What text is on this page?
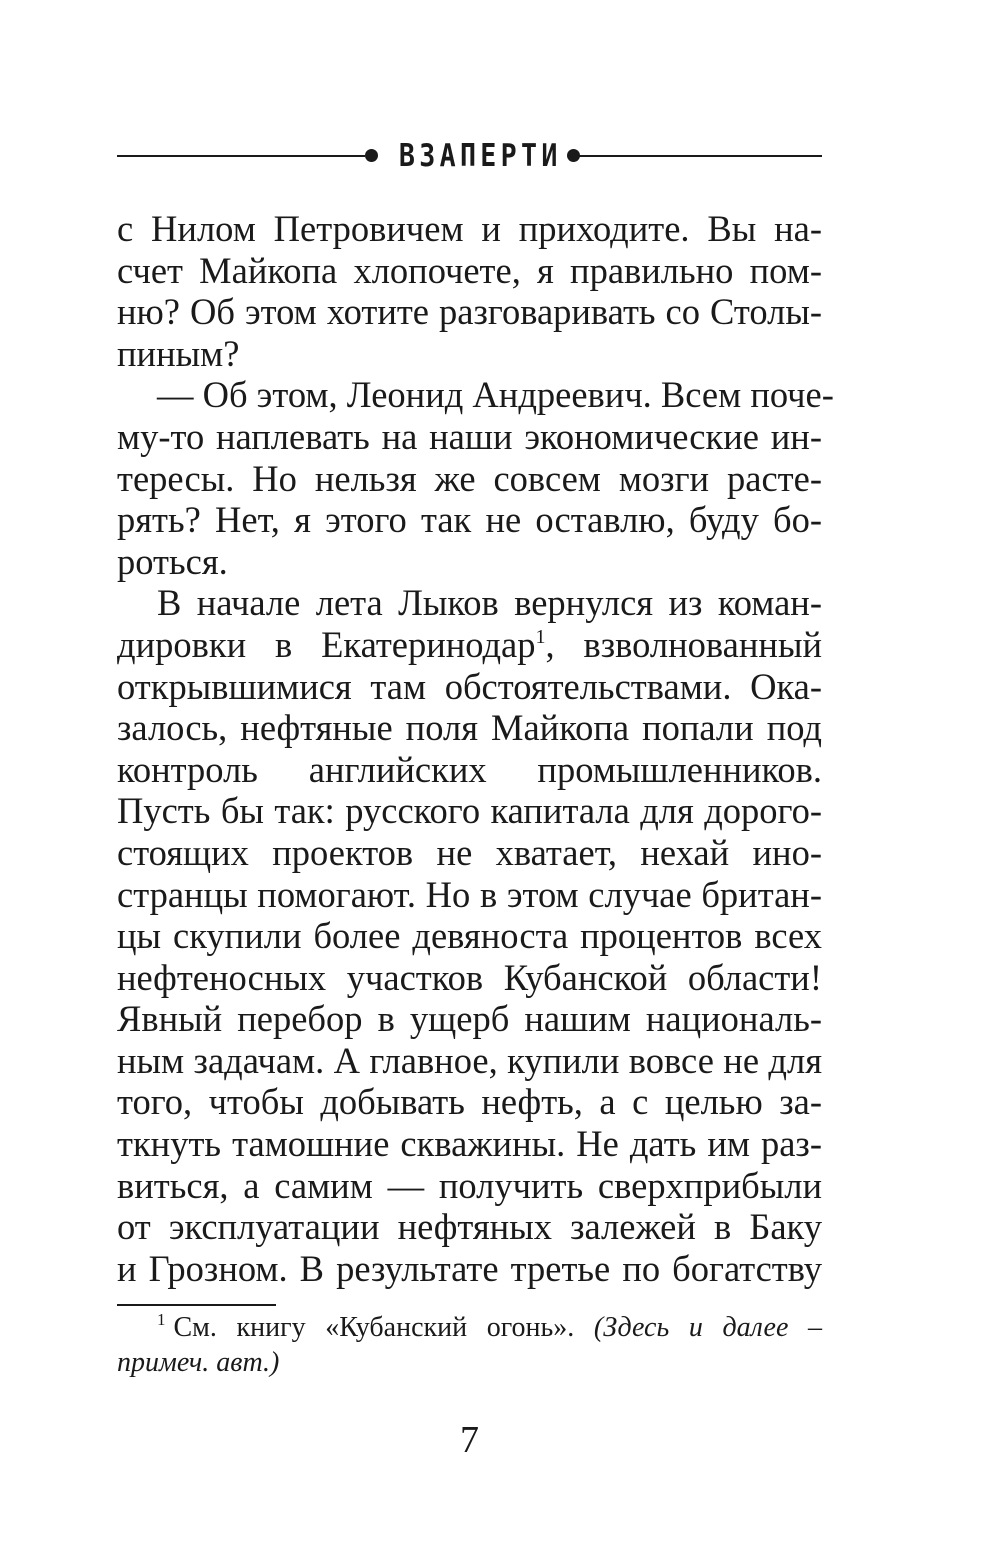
ВЗАПЕРТИ
с Нилом Петровичем и приходите. Вы на-
счет Майкопа хлопочете, я правильно пом-
ню? Об этом хотите разговаривать со Столы-
пиным?
— Об этом, Леонид Андреевич. Всем поче-
му-то наплевать на наши экономические ин-
тересы. Но нельзя же совсем мозги расте-
рять? Нет, я этого так не оставлю, буду бо-
роться.
В начале лета Лыков вернулся из коман-
дировки в Екатеринодар$^1$, взволнованный
открывшимися там обстоятельствами. Ока-
залось, нефтяные поля Майкопа попали под
контроль английских промышленников.
Пусть бы так: русского капитала для дорого-
стоящих проектов не хватает, нехай ино-
странцы помогают. Но в этом случае британ-
цы скупили более девяноста процентов всех
нефтеносных участков Кубанской области!
Явный перебор в ущерб нашим националь-
ным задачам. А главное, купили вовсе не для
того, чтобы добывать нефть, а с целью за-
ткнуть тамошние скважины. Не дать им раз-
виться, а самим — получить сверхприбыли
от эксплуатации нефтяных залежей в Баку
и Грозном. В результате третье по богатству
$^1$ См. книгу «Кубанский огонь». (Здесь и далее –
примеч. авт.)
7
